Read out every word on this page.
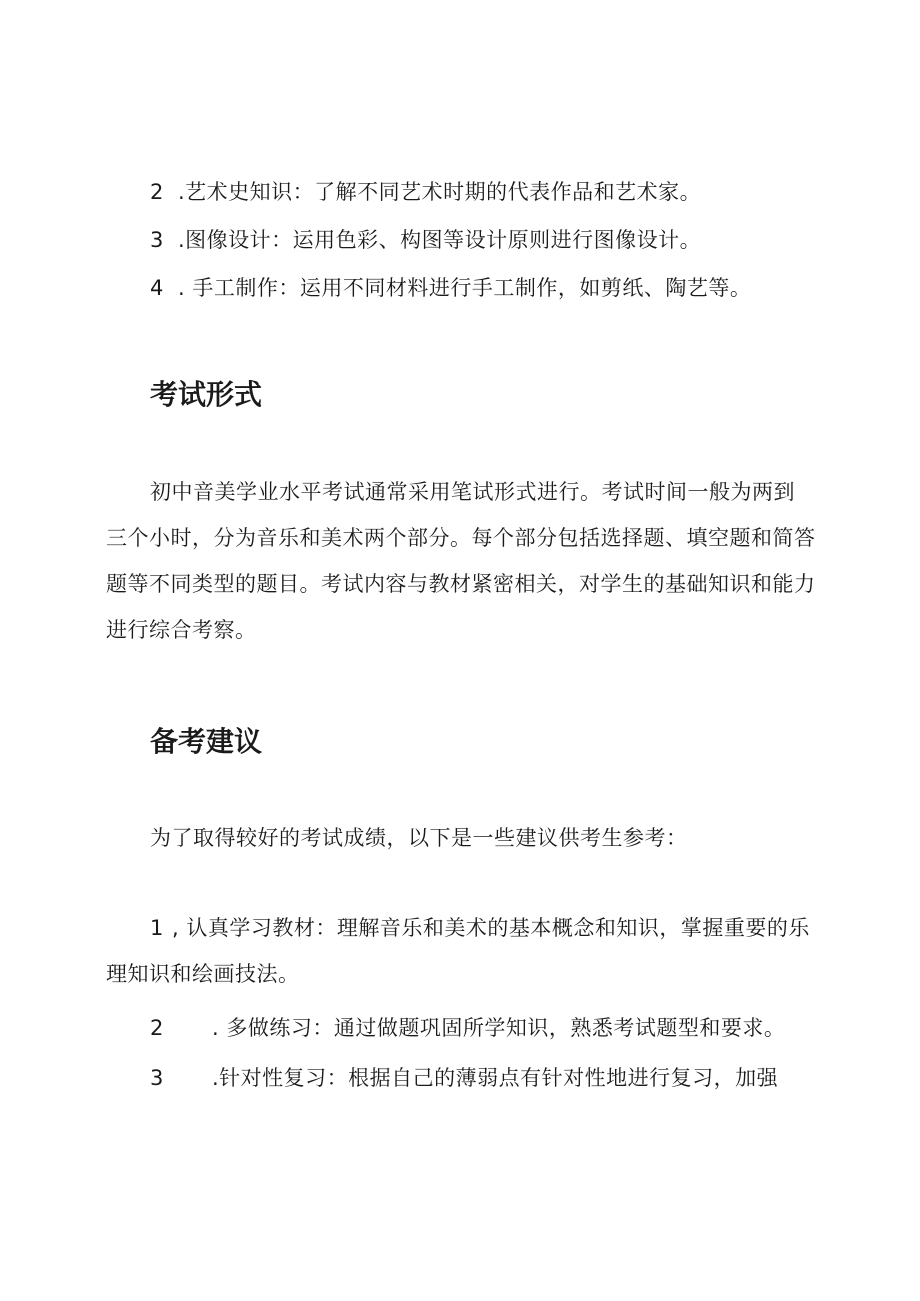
2 .艺术史知识：了解不同艺术时期的代表作品和艺术家。
3 .图像设计：运用色彩、构图等设计原则进行图像设计。
4 . 手工制作：运用不同材料进行手工制作，如剪纸、陶艺等。
考试形式
初中音美学业水平考试通常采用笔试形式进行。考试时间一般为两到
三个小时，分为音乐和美术两个部分。每个部分包括选择题、填空题和简答
题等不同类型的题目。考试内容与教材紧密相关，对学生的基础知识和能力
进行综合考察。
备考建议
为了取得较好的考试成绩，以下是一些建议供考生参考：
1 , 认真学习教材：理解音乐和美术的基本概念和知识，掌握重要的乐
理知识和绘画技法。
2 . 多做练习：通过做题巩固所学知识，熟悉考试题型和要求。
3 .针对性复习：根据自己的薄弱点有针对性地进行复习，加强
